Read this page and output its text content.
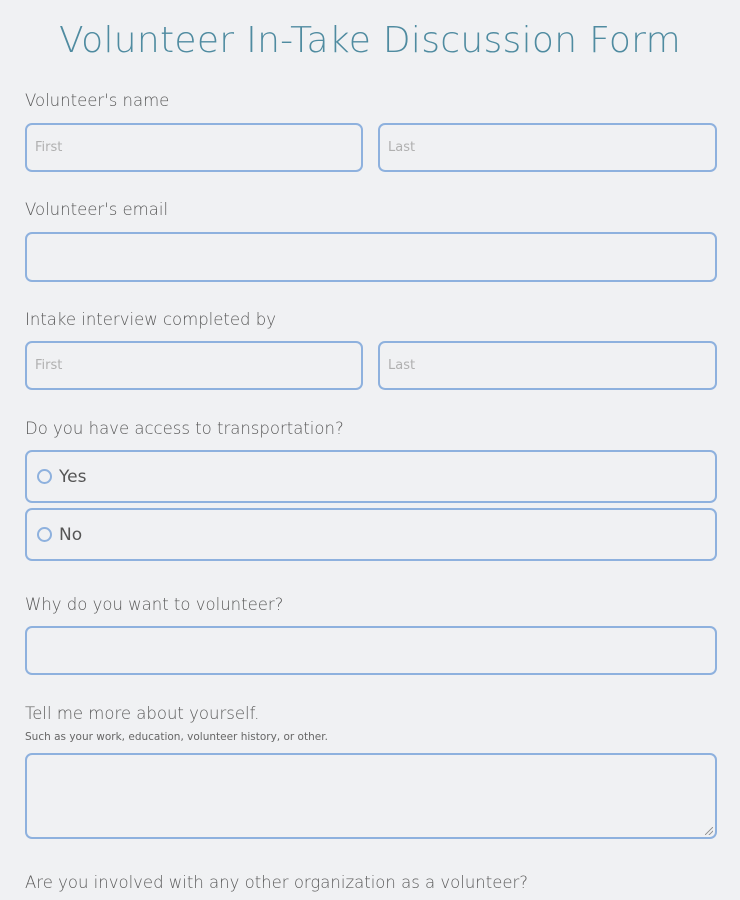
Volunteer In-Take Discussion Form
Volunteer's name
First
Last
Volunteer's email
Intake interview completed by
First
Last
Do you have access to transportation?
Yes
No
Why do you want to volunteer?
Tell me more about yourself.
Such as your work, education, volunteer history, or other.
Are you involved with any other organization as a volunteer?
